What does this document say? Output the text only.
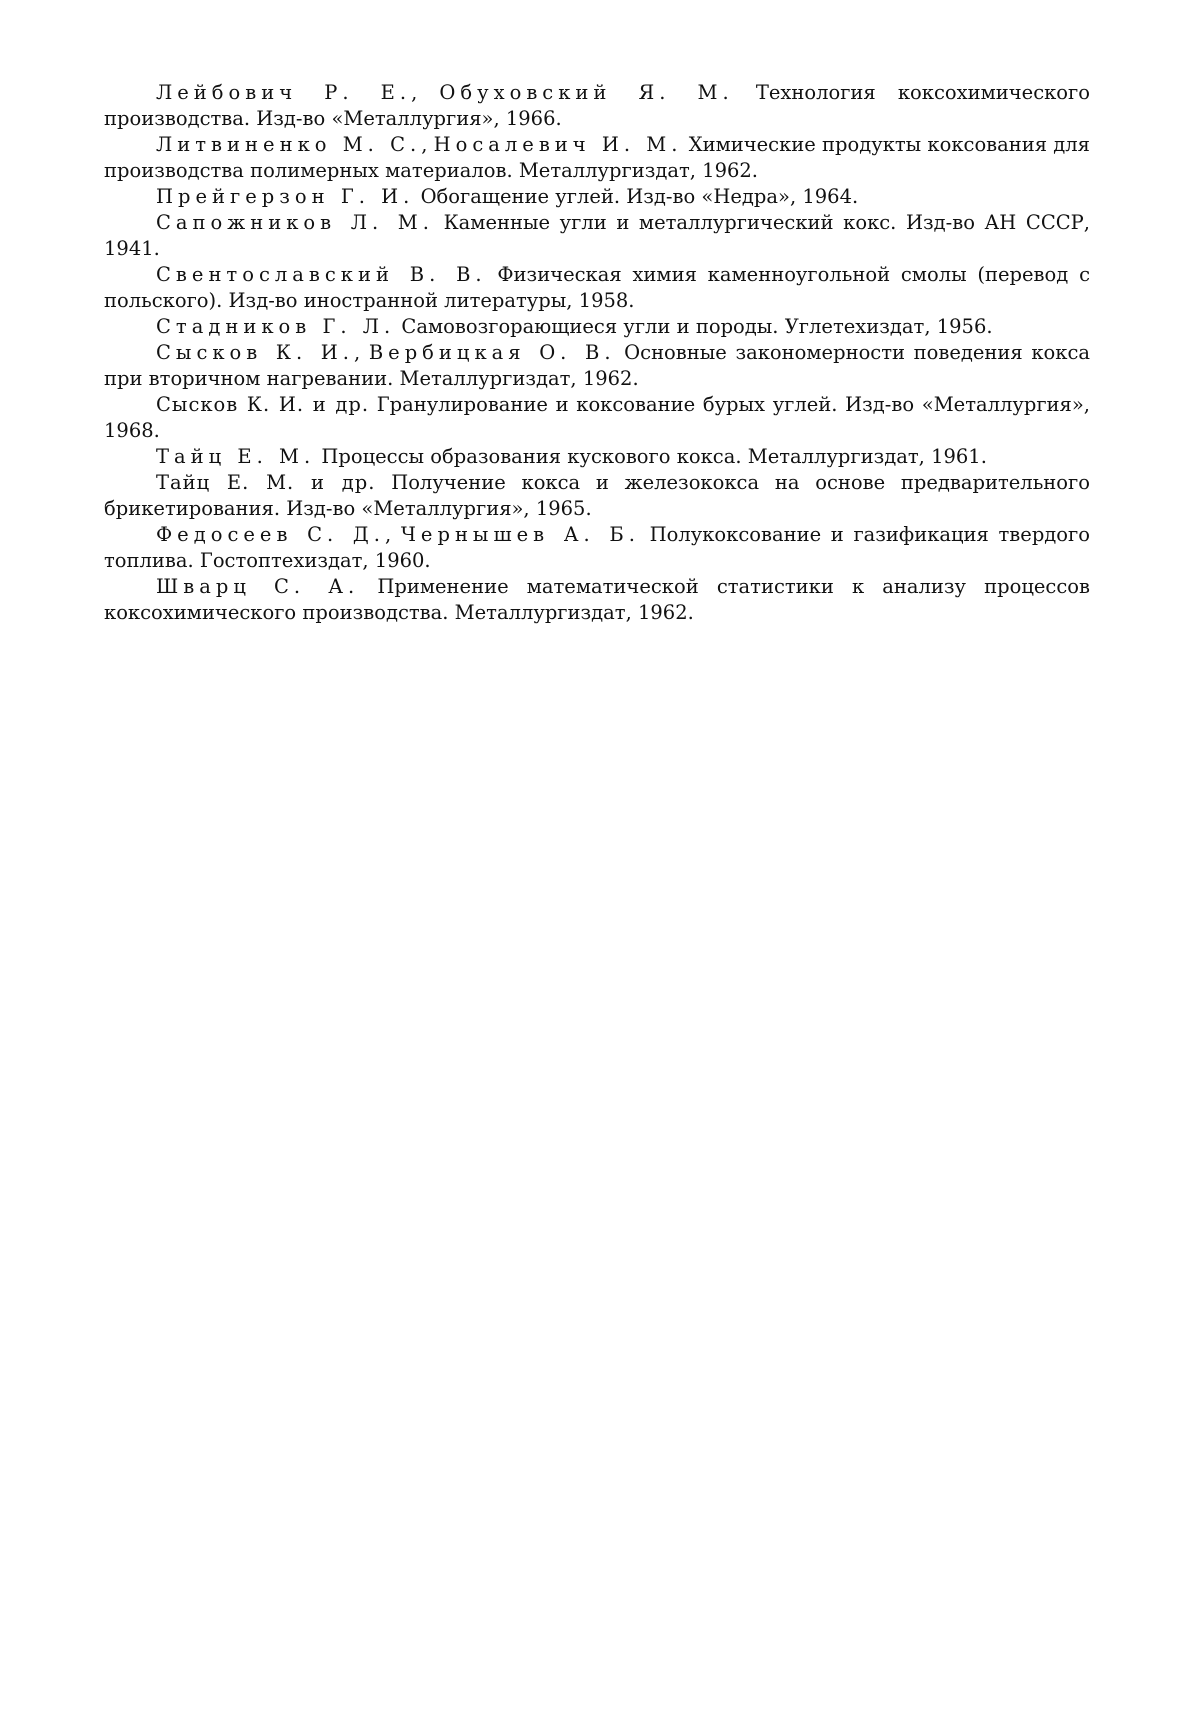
Лейбович Р. Е., Обуховский Я. М. Технология коксохимического производства. Изд-во «Металлургия», 1966.

Литвиненко М. С., Носалевич И. М. Химические продукты коксования для производства полимерных материалов. Металлургиздат, 1962.

Прейгерзон Г. И. Обогащение углей. Изд-во «Недра», 1964.

Сапожников Л. М. Каменные угли и металлургический кокс. Изд-во АН СССР, 1941.

Свентославский В. В. Физическая химия каменноугольной смолы (перевод с польского). Изд-во иностранной литературы, 1958.

Стадников Г. Л. Самовозгорающиеся угли и породы. Углетехиздат, 1956.

Сысков К. И., Вербицкая О. В. Основные закономерности поведения кокса при вторичном нагревании. Металлургиздат, 1962.

Сысков К. И. и др. Гранулирование и коксование бурых углей. Изд-во «Металлургия», 1968.

Тайц Е. М. Процессы образования кускового кокса. Металлургиздат, 1961.

Тайц Е. М. и др. Получение кокса и железококса на основе предварительного брикетирования. Изд-во «Металлургия», 1965.

Федосеев С. Д., Чернышев А. Б. Полукоксование и газификация твердого топлива. Гостоптехиздат, 1960.

Шварц С. А. Применение математической статистики к анализу процессов коксохимического производства. Металлургиздат, 1962.
